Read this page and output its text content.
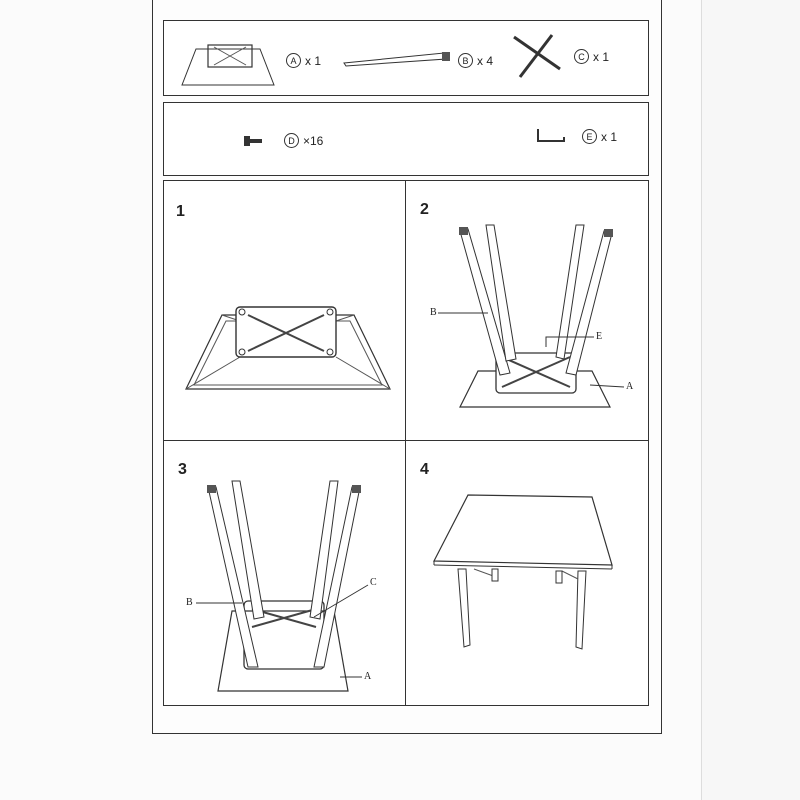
A x 1	B x 4	C x 1
D ×16	E x 1
1	2
B
E
A
3
B
C
A
4
